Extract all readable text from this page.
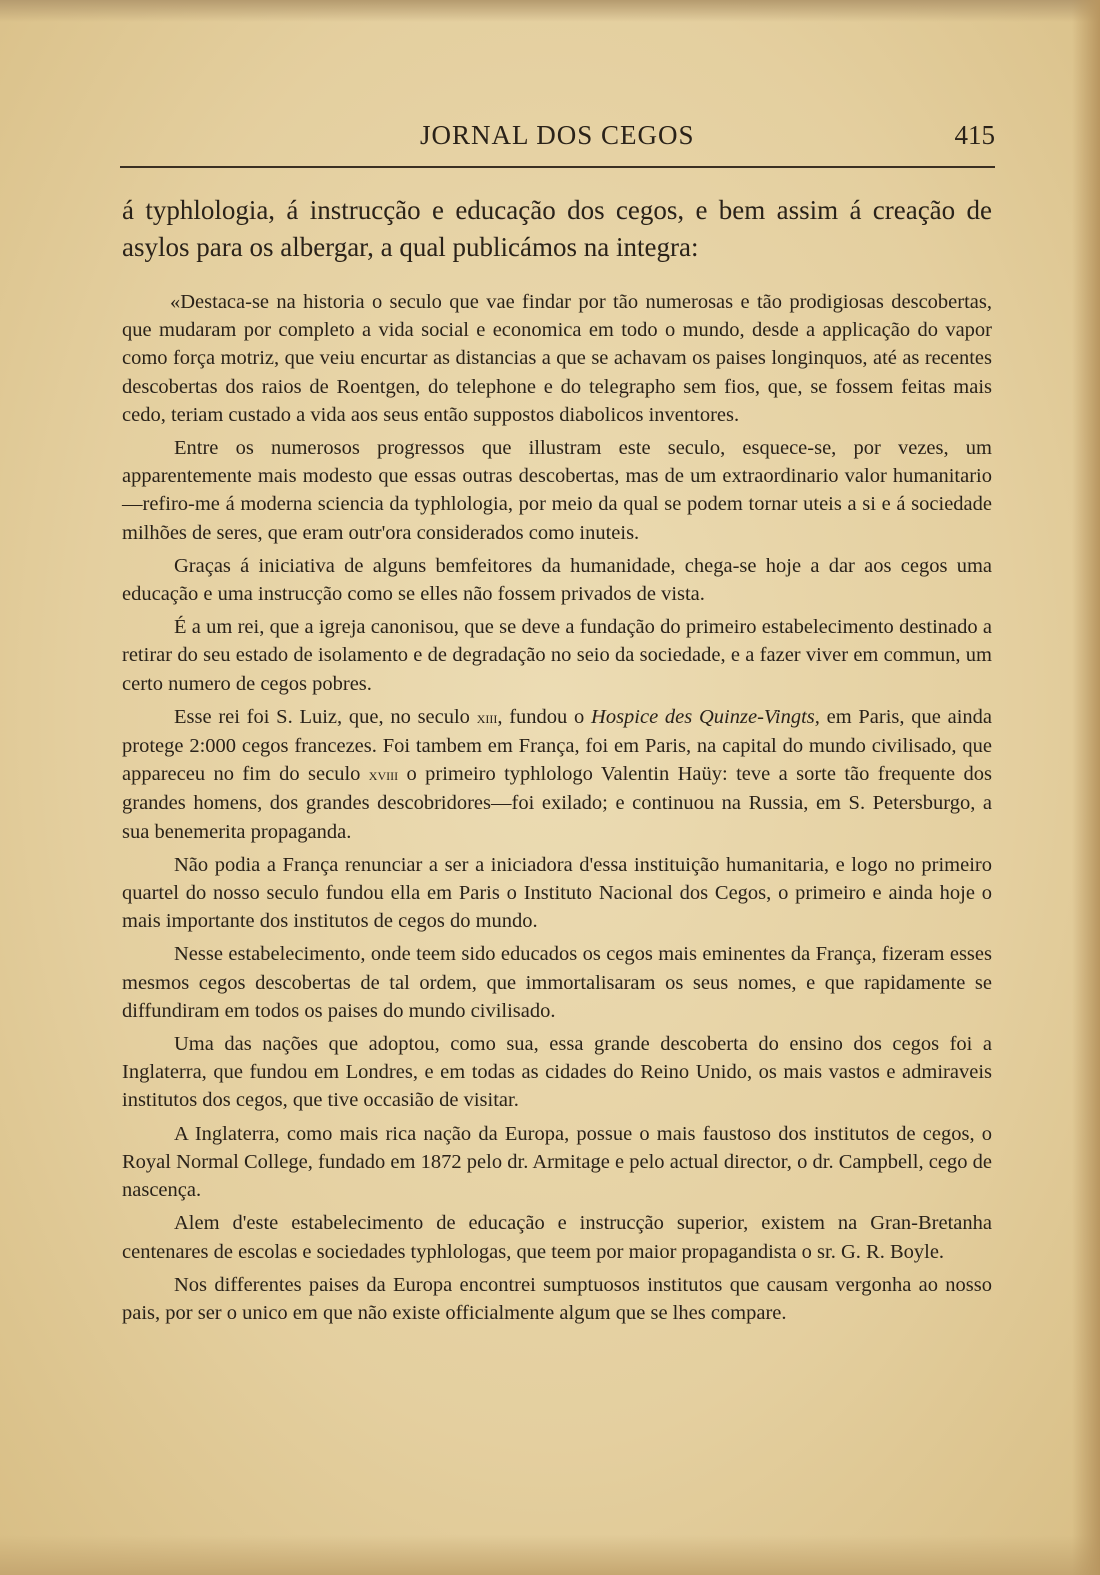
JORNAL DOS CEGOS	415

á typhlologia, á instrucção e educação dos cegos, e bem assim á creação de asylos para os albergar, a qual publicámos na integra:

«Destaca-se na historia o seculo que vae findar por tão numerosas e tão prodigiosas descobertas, que mudaram por completo a vida social e economica em todo o mundo, desde a applicação do vapor como força motriz, que veiu encurtar as distancias a que se achavam os paises longinquos, até as recentes descobertas dos raios de Roentgen, do telephone e do telegrapho sem fios, que, se fossem feitas mais cedo, teriam custado a vida aos seus então suppostos diabolicos inventores.

Entre os numerosos progressos que illustram este seculo, esquece-se, por vezes, um apparentemente mais modesto que essas outras descobertas, mas de um extraordinario valor humanitario—refiro-me á moderna sciencia da typhlologia, por meio da qual se podem tornar uteis a si e á sociedade milhões de seres, que eram outr'ora considerados como inuteis.

Graças á iniciativa de alguns bemfeitores da humanidade, chega-se hoje a dar aos cegos uma educação e uma instrucção como se elles não fossem privados de vista.

É a um rei, que a igreja canonisou, que se deve a fundação do primeiro estabelecimento destinado a retirar do seu estado de isolamento e de degradação no seio da sociedade, e a fazer viver em commun, um certo numero de cegos pobres.

Esse rei foi S. Luiz, que, no seculo xiii, fundou o Hospice des Quinze-Vingts, em Paris, que ainda protege 2:000 cegos francezes. Foi tambem em França, foi em Paris, na capital do mundo civilisado, que appareceu no fim do seculo xviii o primeiro typhlologo Valentin Haüy: teve a sorte tão frequente dos grandes homens, dos grandes descobridores—foi exilado; e continuou na Russia, em S. Petersburgo, a sua benemerita propaganda.

Não podia a França renunciar a ser a iniciadora d'essa instituição humanitaria, e logo no primeiro quartel do nosso seculo fundou ella em Paris o Instituto Nacional dos Cegos, o primeiro e ainda hoje o mais importante dos institutos de cegos do mundo.

Nesse estabelecimento, onde teem sido educados os cegos mais eminentes da França, fizeram esses mesmos cegos descobertas de tal ordem, que immortalisaram os seus nomes, e que rapidamente se diffundiram em todos os paises do mundo civilisado.

Uma das nações que adoptou, como sua, essa grande descoberta do ensino dos cegos foi a Inglaterra, que fundou em Londres, e em todas as cidades do Reino Unido, os mais vastos e admiraveis institutos dos cegos, que tive occasião de visitar.

A Inglaterra, como mais rica nação da Europa, possue o mais faustoso dos institutos de cegos, o Royal Normal College, fundado em 1872 pelo dr. Armitage e pelo actual director, o dr. Campbell, cego de nascença.

Alem d'este estabelecimento de educação e instrucção superior, existem na Gran-Bretanha centenares de escolas e sociedades typhlologas, que teem por maior propagandista o sr. G. R. Boyle.

Nos differentes paises da Europa encontrei sumptuosos institutos que causam vergonha ao nosso pais, por ser o unico em que não existe officialmente algum que se lhes compare.
